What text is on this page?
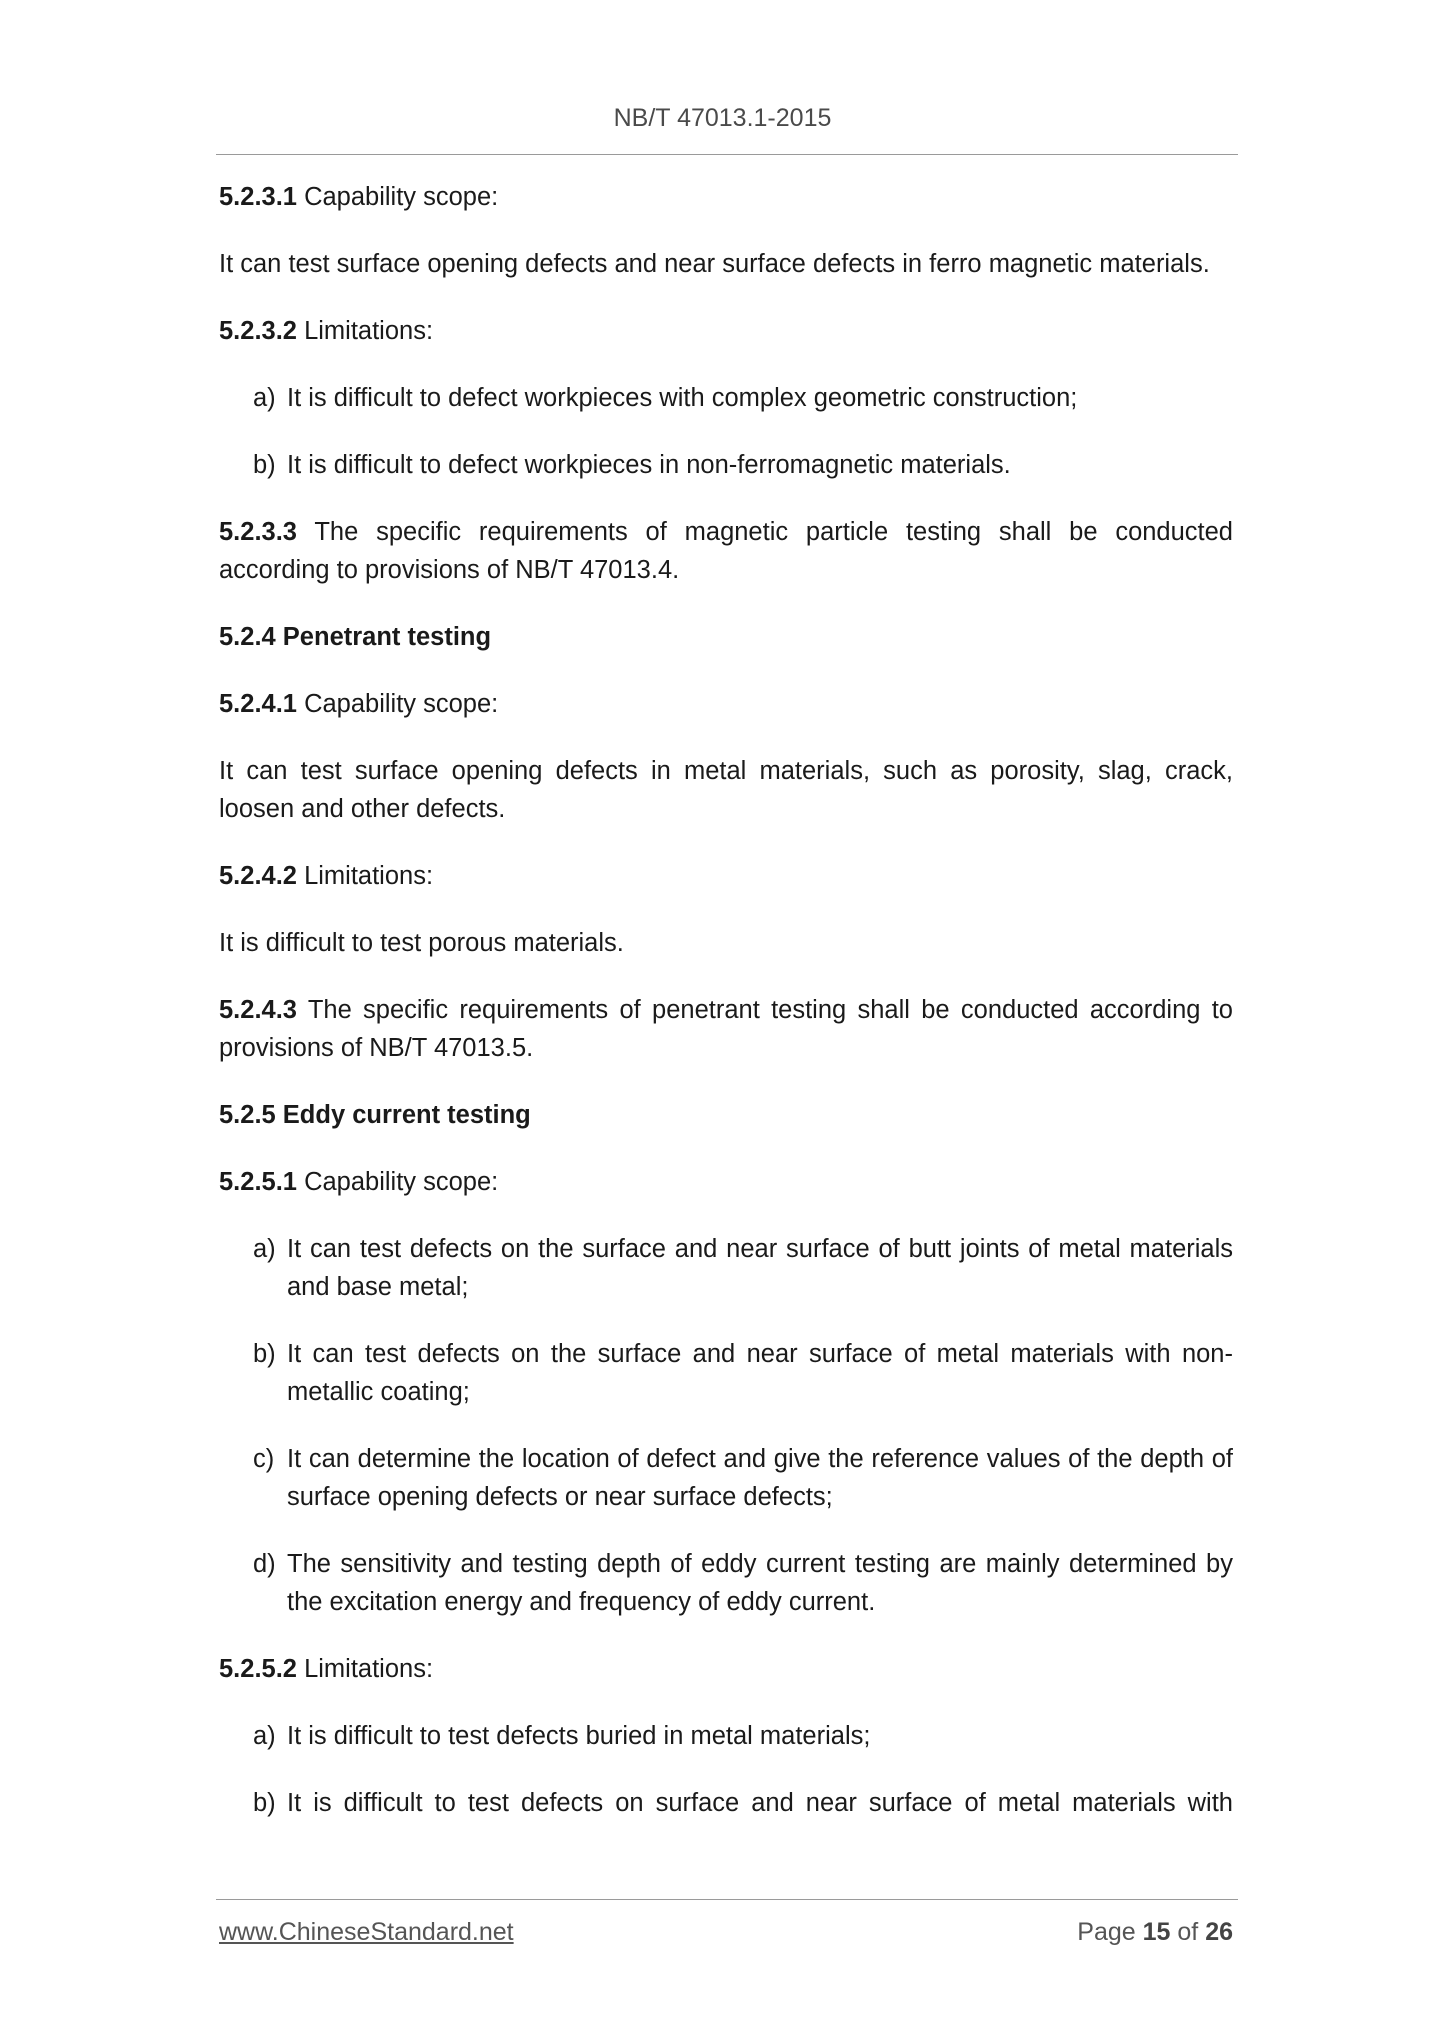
NB/T 47013.1-2015

5.2.3.1 Capability scope:

It can test surface opening defects and near surface defects in ferro magnetic materials.

5.2.3.2 Limitations:

a) It is difficult to defect workpieces with complex geometric construction;
b) It is difficult to defect workpieces in non-ferromagnetic materials.

5.2.3.3 The specific requirements of magnetic particle testing shall be conducted according to provisions of NB/T 47013.4.

5.2.4 Penetrant testing

5.2.4.1 Capability scope:

It can test surface opening defects in metal materials, such as porosity, slag, crack, loosen and other defects.

5.2.4.2 Limitations:

It is difficult to test porous materials.

5.2.4.3 The specific requirements of penetrant testing shall be conducted according to provisions of NB/T 47013.5.

5.2.5 Eddy current testing

5.2.5.1 Capability scope:

a) It can test defects on the surface and near surface of butt joints of metal materials and base metal;
b) It can test defects on the surface and near surface of metal materials with non-metallic coating;
c) It can determine the location of defect and give the reference values of the depth of surface opening defects or near surface defects;
d) The sensitivity and testing depth of eddy current testing are mainly determined by the excitation energy and frequency of eddy current.

5.2.5.2 Limitations:

a) It is difficult to test defects buried in metal materials;
b) It is difficult to test defects on surface and near surface of metal materials with
www.ChineseStandard.net	Page 15 of 26
